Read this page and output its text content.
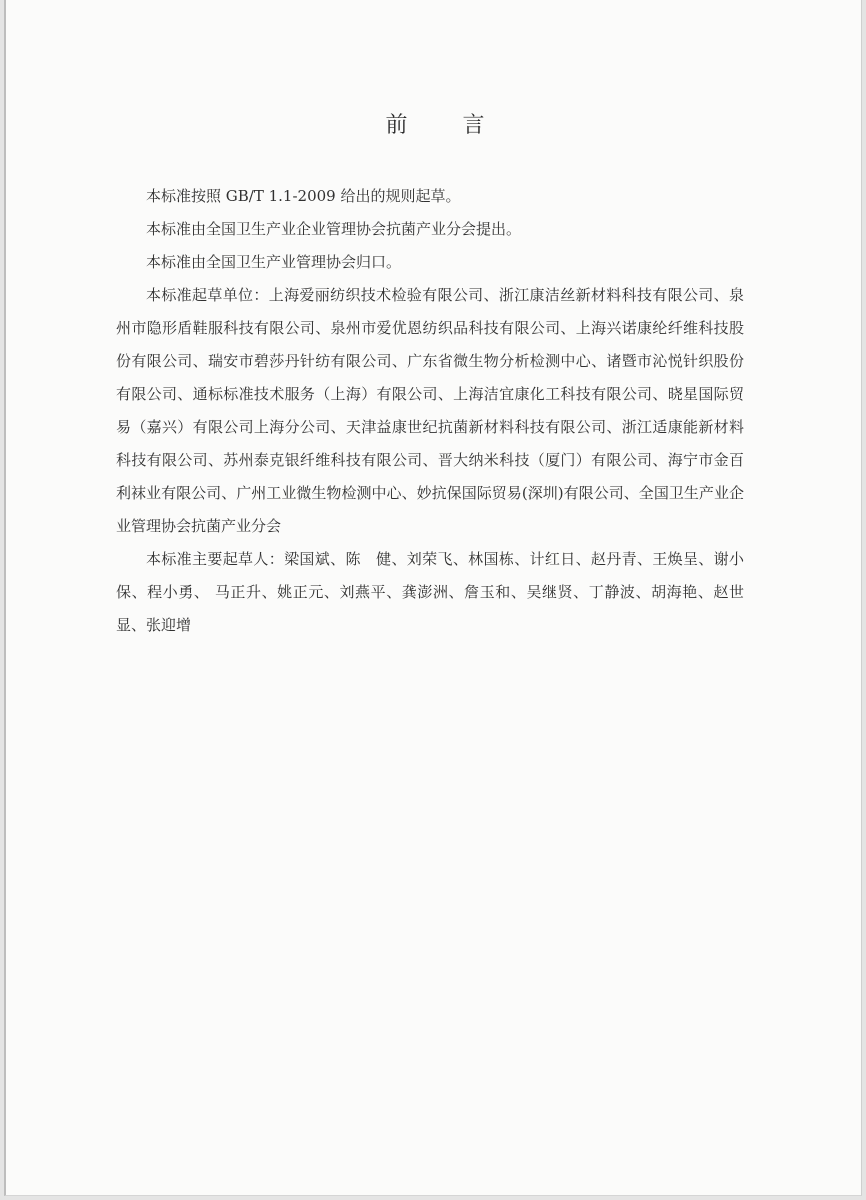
前 言

本标准按照 GB/T 1.1-2009 给出的规则起草。

本标准由全国卫生产业企业管理协会抗菌产业分会提出。

本标准由全国卫生产业管理协会归口。

本标准起草单位：上海爱丽纺织技术检验有限公司、浙江康洁丝新材料科技有限公司、泉州市隐形盾鞋服科技有限公司、泉州市爱优恩纺织品科技有限公司、上海兴诺康纶纤维科技股份有限公司、瑞安市碧莎丹针纺有限公司、广东省微生物分析检测中心、诸暨市沁悦针织股份有限公司、通标标准技术服务（上海）有限公司、上海洁宜康化工科技有限公司、晓星国际贸易（嘉兴）有限公司上海分公司、天津益康世纪抗菌新材料科技有限公司、浙江适康能新材料科技有限公司、苏州泰克银纤维科技有限公司、晋大纳米科技（厦门）有限公司、海宁市金百利袜业有限公司、广州工业微生物检测中心、妙抗保国际贸易(深圳)有限公司、全国卫生产业企业管理协会抗菌产业分会

本标准主要起草人：梁国斌、陈　健、刘荣飞、林国栋、计红日、赵丹青、王焕呈、谢小保、程小勇、 马正升、姚正元、刘燕平、龚澎洲、詹玉和、吴继贤、丁静波、胡海艳、赵世显、张迎增
